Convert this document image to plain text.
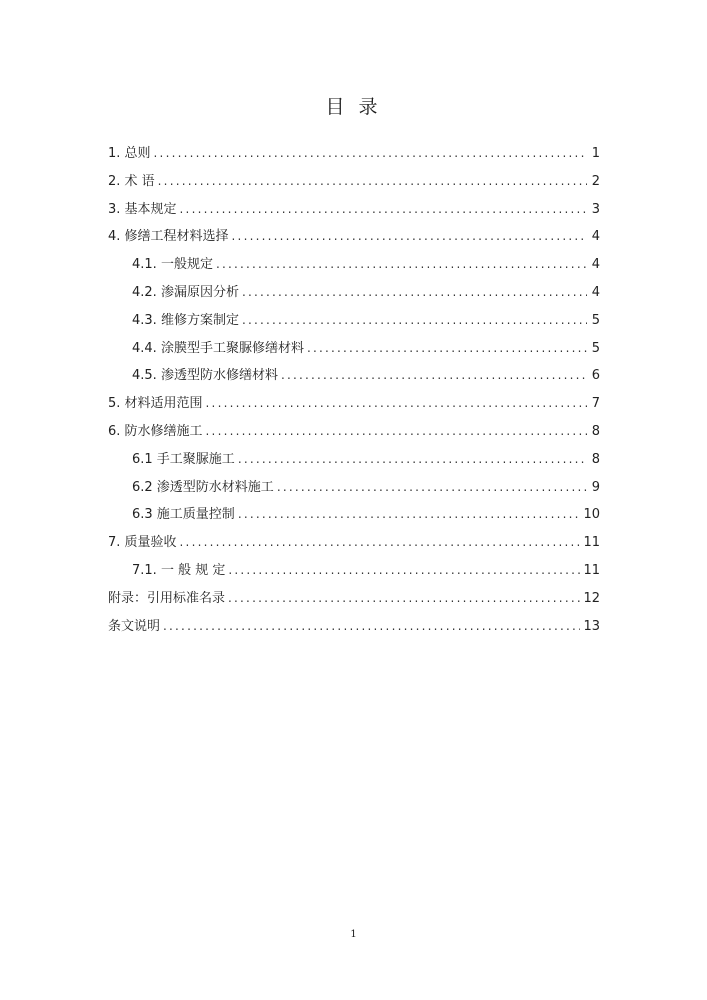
目 录
1. 总则 .....	1
2. 术 语 .....	2
3. 基本规定 .....	3
4. 修缮工程材料选择 .....	4
4.1. 一般规定 .....	4
4.2. 渗漏原因分析 .....	4
4.3. 维修方案制定 .....	5
4.4. 涂膜型手工聚脲修缮材料 .....	5
4.5. 渗透型防水修缮材料 .....	6
5. 材料适用范围 .....	7
6. 防水修缮施工 .....	8
6.1 手工聚脲施工 .....	8
6.2 渗透型防水材料施工 .....	9
6.3 施工质量控制 .....	10
7. 质量验收 .....	11
7.1. 一 般 规 定 .....	11
附录：引用标准名录 .....	12
条文说明 .....	13
1
